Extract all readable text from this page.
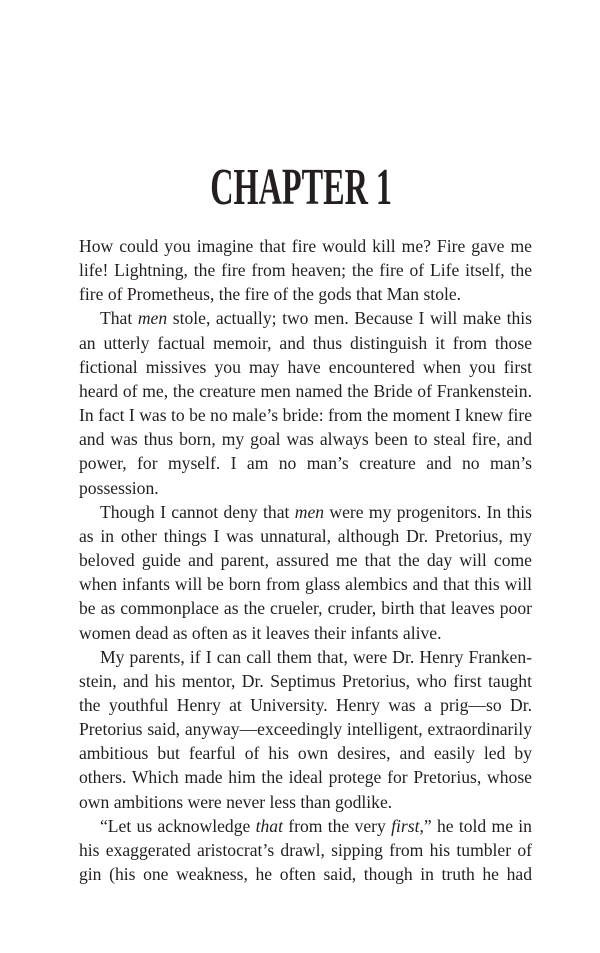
CHAPTER 1

How could you imagine that fire would kill me? Fire gave me life! Lightning, the fire from heaven; the fire of Life itself, the fire of Prometheus, the fire of the gods that Man stole.

That men stole, actually; two men. Because I will make this an utterly factual memoir, and thus distinguish it from those fictional missives you may have encountered when you first heard of me, the creature men named the Bride of Frankenstein. In fact I was to be no male’s bride: from the moment I knew fire and was thus born, my goal was always been to steal fire, and power, for myself. I am no man’s creature and no man’s possession.

Though I cannot deny that men were my progenitors. In this as in other things I was unnatural, although Dr. Pretorius, my beloved guide and parent, assured me that the day will come when infants will be born from glass alembics and that this will be as commonplace as the crueler, cruder, birth that leaves poor women dead as often as it leaves their infants alive.

My parents, if I can call them that, were Dr. Henry Frankenstein, and his mentor, Dr. Septimus Pretorius, who first taught the youthful Henry at University. Henry was a prig—so Dr. Pretorius said, anyway—exceedingly intelligent, extraordinarily ambitious but fearful of his own desires, and easily led by others. Which made him the ideal protege for Pretorius, whose own ambitions were never less than godlike.

“Let us acknowledge that from the very first,” he told me in his exaggerated aristocrat’s drawl, sipping from his tumbler of gin (his one weakness, he often said, though in truth he had
